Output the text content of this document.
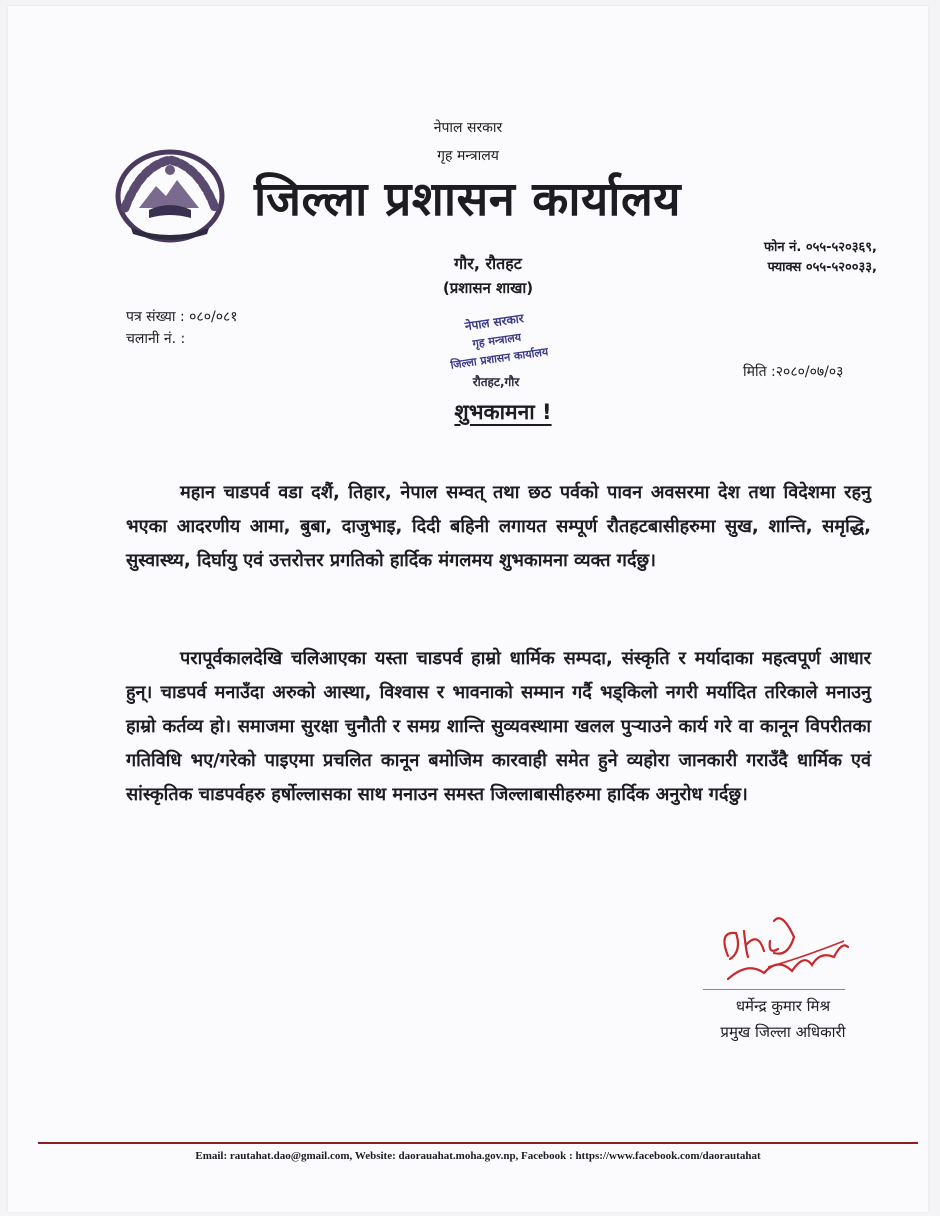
नेपाल सरकार
गृह मन्त्रालय
जिल्ला प्रशासन कार्यालय
गौर, रौतहट
(प्रशासन शाखा)
फोन नं. ०५५-५२०३६९,
फ्याक्स ०५५-५२००३३,
पत्र संख्या : ०८०/०८१
चलानी नं. :
नेपाल सरकार
गृह मन्त्रालय
जिल्ला प्रशासन कार्यालय
रौतहट,गौर
मिति :२०८०/०७/०३
शुभकामना !
महान चाडपर्व वडा दशैं, तिहार, नेपाल सम्वत् तथा छठ पर्वको पावन अवसरमा देश तथा विदेशमा रहनु भएका आदरणीय आमा, बुबा, दाजुभाइ, दिदी बहिनी लगायत सम्पूर्ण रौतहटबासीहरुमा सुख, शान्ति, समृद्धि, सुस्वास्थ्य, दिर्घायु एवं उत्तरोत्तर प्रगतिको हार्दिक मंगलमय शुभकामना व्यक्त गर्दछु।
परापूर्वकालदेखि चलिआएका यस्ता चाडपर्व हाम्रो धार्मिक सम्पदा, संस्कृति र मर्यादाका महत्वपूर्ण आधार हुन्। चाडपर्व मनाउँदा अरुको आस्था, विश्वास र भावनाको सम्मान गर्दै भड्किलो नगरी मर्यादित तरिकाले मनाउनु हाम्रो कर्तव्य हो। समाजमा सुरक्षा चुनौती र समग्र शान्ति सुव्यवस्थामा खलल पुर्‍याउने कार्य गरे वा कानून विपरीतका गतिविधि भए/गरेको पाइएमा प्रचलित कानून बमोजिम कारवाही समेत हुने व्यहोरा जानकारी गराउँदै धार्मिक एवं सांस्कृतिक चाडपर्वहरु हर्षोल्लासका साथ मनाउन समस्त जिल्लाबासीहरुमा हार्दिक अनुरोध गर्दछु।
धर्मेन्द्र कुमार मिश्र
प्रमुख जिल्ला अधिकारी
Email: rautahat.dao@gmail.com, Website: daorauahat.moha.gov.np, Facebook : https://www.facebook.com/daorautahat
